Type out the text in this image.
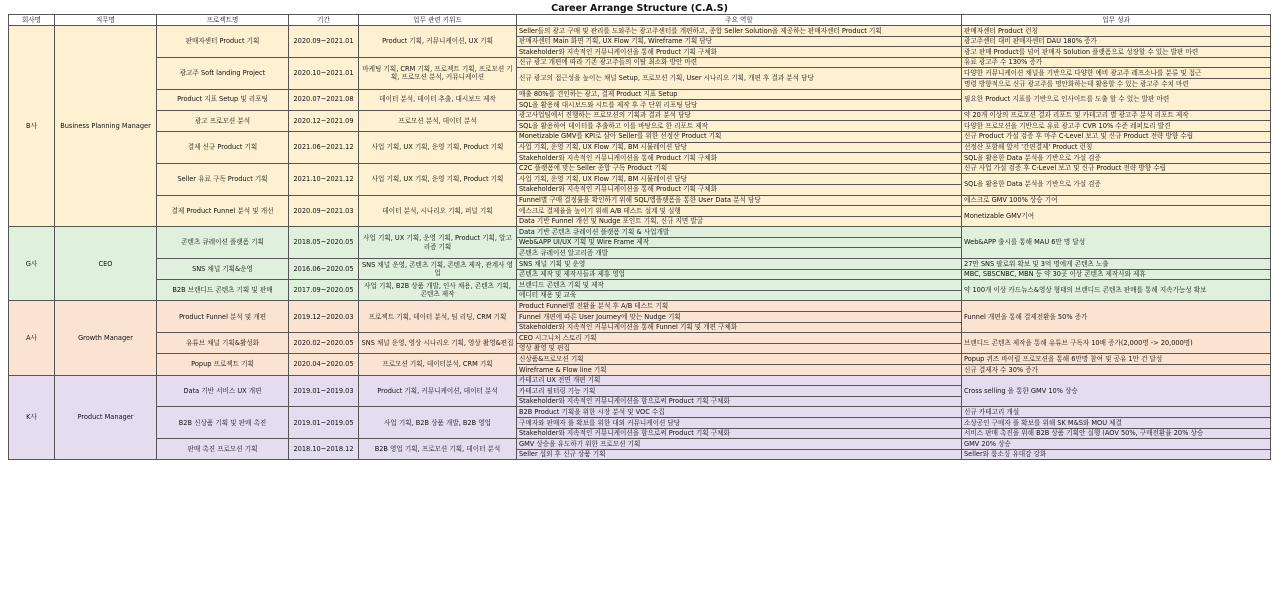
Career Arrange Structure (C.A.S)						
회사명	직무명	프로젝트명	기간	업무 관련 키워드	주요 역할	업무 성과
B사	Business Planning Manager	판매자센터 Product 기획	2020.09~2021.01	Product 기획, 커뮤니케이션, UX 기획	Seller들의 광고 구매 및 관리를 도와주는 광고주센터를 개편하고, 종합 Seller Solution을 제공하는 판매자센터 Product 기획	판매자센터 Product 런칭
					판매자센터 Main 화면 기획, UX Flow 기획, Wireframe 기획 담당	광고주센터 대비 판매자센터 DAU 180% 증가
					Stakeholder와 지속적인 커뮤니케이션을 통해 Product 기획 구체화	광고 판매 Product를 넘어 판매자 Solution 플랫폼으로 성장할 수 있는 발판 마련
		광고주 Soft landing Project	2020.10~2021.01	마케팅 기획, CRM 기획, 프로젝트 기획, 프로모션 기획, 프로모션 분석, 커뮤니케이션	신규 광고 개편에 따라 기존 광고주들의 이탈 최소화 방안 마련	유료 광고주 수 130% 증가
					신규 광고의 접근성을 높이는 채널 Setup, 프로모션 기획, User 시나리오 기획, 개편 후 결과 분석 담당	다양한 커뮤니케이션 채널을 기반으로 다양한 예비 광고주 레프소나를 분류 및 접근
						명령 방향적으로 신규 광고주를 명안화하는데 활용할 수 있는 광고주 수치 마련
		Product 지표 Setup 및 리포팅	2020.07~2021.08	데이터 분석, 데이터 추출, 대시보드 제작	매출 80%를 견인하는 광고, 결제 Product 지표 Setup	필요한 Product 지표를 기반으로 인사이트를 도출 할 수 있는 발판 마련
					SQL을 활용해 대시보드와 시트를 제작 후 주 단위 리포팅 담당	
		광고 프로모션 분석	2020.12~2021.09	프로모션 분석, 데이터 분석	광고사업팀에서 진행하는 프로모션의 기획과 결과 분석 담당	약 20개 이상의 프로모션 결과 리포트 및 카테고리 별 광고주 분석 리포트 제작
					SQL을 활용하여 데이터를 추출하고 이를 바탕으로 한 리포트 제작	다양한 프로모션을 기반으로 유료 광고주 CVR 10% 수준 레퍼토리 발견
		결제 신규 Product 기획	2021.06~2021.12	사업 기획, UX 기획, 운영 기획, Product 기획	Monetizable GMV를 KPI로 삼아 Seller를 위한 선정산 Product 기획	신규 Product 가설 검증 후 마주 C-Level 보고 및 신규 Product 전략 방향 수립
					사업 기획, 운영 기획, UX Flow 기획, BM 시뮬레이션 담당	선정산 포함해 앞서 '간편결제' Product 런칭
					Stakeholder와 지속적인 커뮤니케이션을 통해 Product 기획 구체화	SQL을 활용한 Data 분석을 기반으로 가설 검증
		Seller 유료 구독 Product 기획	2021.10~2021.12	사업 기획, UX 기획, 운영 기획, Product 기획	C2C 플랫폼에 맞는 Seller 종합 구독 Product 기획	신규 사업 가설 검증 후 C-Level 보고 및 신규 Product 전략 방향 수립
					사업 기획, 운영 기획, UX Flow 기획, BM 시뮬레이션 담당	SQL을 활용한 Data 분석을 기반으로 가설 검증
					Stakeholder와 지속적인 커뮤니케이션을 통해 Product 기획 구체화	
		결제 Product Funnel 분석 및 개선	2020.09~2021.03	데이터 분석, 시나리오 기획, 퍼널 기획	Funnel별 구매 결정률을 확인하기 위해 SQL/앱플랫폼을 통한 User Data 분석 담당	에스크로 GMV 100% 상승 기여
					에스크로 결제율을 높이기 위해 A/B 테스트 설계 및 실행	Monetizable GMV기여
					Data 기반 Funnel 개선 및 Nudge 포인트 기획, 신규 지면 발굴	
G사	CEO	콘텐츠 큐레이션 플랫폼 기획	2018.05~2020.05	사업 기획, UX 기획, 운영 기획, Product 기획, 알고리즘 기획	Data 기반 콘텐츠 큐레이션 플랫폼 기획 & 사업개발	Web&APP 출시를 통해 MAU 6만 명 달성
					Web&APP UI/UX 기획 및 Wire Frame 제작	
					콘텐츠 큐레이션 알고리즘 개발	
		SNS 채널 기획&운영	2016.06~2020.05	SNS 채널 운영, 콘텐츠 기획, 콘텐츠 제작, 관계사 영업	SNS 채널 기획 및 운영	27만 SNS 팔로워 확보 및 3억 명에게 콘텐츠 노출
					콘텐츠 제작 및 제작사들과 제휴 영업	MBC, SBSCNBC, MBN 등 약 30곳 이상 콘텐츠 제작사와 제휴
		B2B 브랜디드 콘텐츠 기획 및 판매	2017.09~2020.05	사업 기획, B2B 상품 개발, 인사 채용, 콘텐츠 기획, 콘텐츠 제작	브랜디드 콘텐츠 기획 및 제작	약 100개 이상 카드뉴스&영상 형태의 브랜디드 콘텐츠 판매를 통해 지속가능성 확보
					에디터 채용 및 교육	
A사	Growth Manager	Product Funnel 분석 및 개편	2019.12~2020.03	프로젝트 기획, 데이터 분석, 팀 리딩, CRM 기획	Product Funnel별 전환율 분석 후 A/B 테스트 기획	Funnel 개편을 통해 결제전환을 50% 증가
					Funnel 개편에 따른 User Journey에 맞는 Nudge 기획	
					Stakeholder와 지속적인 커뮤니케이션을 통해 Funnel 기획 및 개편 구체화	
		유튜브 채널 기획&활성화	2020.02~2020.05	SNS 채널 운영, 영상 시나리오 기획, 영상 촬영&편집	CEO 시그니처 스토리 기획	브랜디드 콘텐츠 제작을 통해 유튜브 구독자 10배 증가(2,000명 -> 20,000명)
					영상 촬영 및 편집	
		Popup 프로젝트 기획	2020.04~2020.05	프로모션 기획, 데이터분석, CRM 기획	신상품&프로모션 기획	Popup 퀴즈 바이럴 프로모션을 통해 6만명 참여 및 공유 1만 건 달성
					Wireframe & Flow line 기획	신규 결제자 수 30% 증가
K사	Product Manager	Data 기반 서비스 UX 개편	2019.01~2019.03	Product 기획, 커뮤니케이션, 데이터 분석	카테고리 UX 전면 개편 기획	Cross selling 을 통한 GMV 10% 상승
					카테고리 필터링 기능 기획	
					Stakeholder와 지속적인 커뮤니케이션을 함으로써 Product 기획 구체화	
		B2B 신상품 기획 및 판매 촉진	2019.01~2019.05	사업 기획, B2B 상품 개발, B2B 영업	B2B Product 기획을 위한 시장 분석 및 VOC 수집	신규 카테고리 개설
					구매자와 판매자 풀 확보를 위한 대외 커뮤니케이션 담당	소상공인 구매자 풀 확보를 위해 SK M&S와 MOU 체결
					Stakeholder와 지속적인 커뮤니케이션을 함으로써 Product 기획 구체화	서비스 판매 촉진을 위해 B2B 상품 기획안 실행 (AOV 50%, 구매전환율 20% 상승
		판매 촉진 프로모션 기획	2018.10~2018.12	B2B 영업 기획, 프로모션 기획, 데이터 분석	GMV 상승을 유도하기 위한 프로모션 기획	GMV 20% 상승
					Seller 섭외 후 신규 상품 기획	Seller와 룸소싱 유대감 강화
